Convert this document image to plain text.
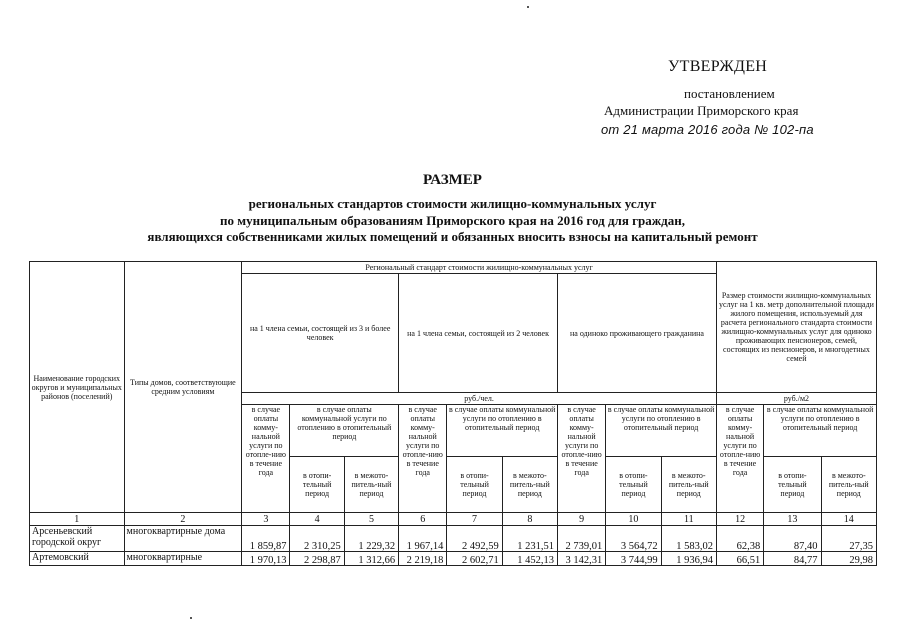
УТВЕРЖДЕН
постановлением
Администрации Приморского края
от 21 марта 2016 года № 102-па
РАЗМЕР
региональных стандартов стоимости жилищно-коммунальных услуг
по муниципальным образованиям Приморского края на 2016 год для граждан,
являющихся собственниками жилых помещений и обязанных вносить взносы на капитальный ремонт
Наименование городских округов и муниципальных районов (поселений)	Типы домов, соответствующие средним условиям	Региональный стандарт стоимости жилищно-коммунальных услуг									Размер стоимости жилищно-коммунальных услуг на 1 кв. метр дополнительной площади жилого помещения, используемый для расчета регионального стандарта стоимости жилищно-коммунальных услуг для одиноко проживающих пенсионеров, семей, состоящих из пенсионеров, и многодетных семей		
		на 1 члена семьи, состоящей из 3 и более человек			на 1 члена семьи, состоящей из 2 человек			на одиноко проживающего гражданина					
		руб./чел.									руб./м2		
		в случае оплаты комму-нальной услуги по отопле-нию в течение года	в случае оплаты коммунальной услуги по отоплению в отопительный период		в случае оплаты комму-нальной услуги по отопле-нию в течение года	в случае оплаты коммунальной услуги по отоплению в отопительный период		в случае оплаты комму-нальной услуги по отопле-нию в течение года	в случае оплаты коммунальной услуги по отоплению в отопительный период		в случае оплаты комму-нальной услуги по отопле-нию в течение года	в случае оплаты коммунальной услуги по отоплению в отопительный период	
			в отопи-тельный период	в межото-питель-ный период		в отопи-тельный период	в межото-питель-ный период		в отопи-тельный период	в межото-питель-ный период		в отопи-тельный период	в межото-питель-ный период
1	2	3	4	5	6	7	8	9	10	11	12	13	14
Арсеньевский городской округ	многоквартирные дома	1 859,87	2 310,25	1 229,32	1 967,14	2 492,59	1 231,51	2 739,01	3 564,72	1 583,02	62,38	87,40	27,35
Артемовский	многоквартирные	1 970,13	2 298,87	1 312,66	2 219,18	2 602,71	1 452,13	3 142,31	3 744,99	1 936,94	66,51	84,77	29,98
